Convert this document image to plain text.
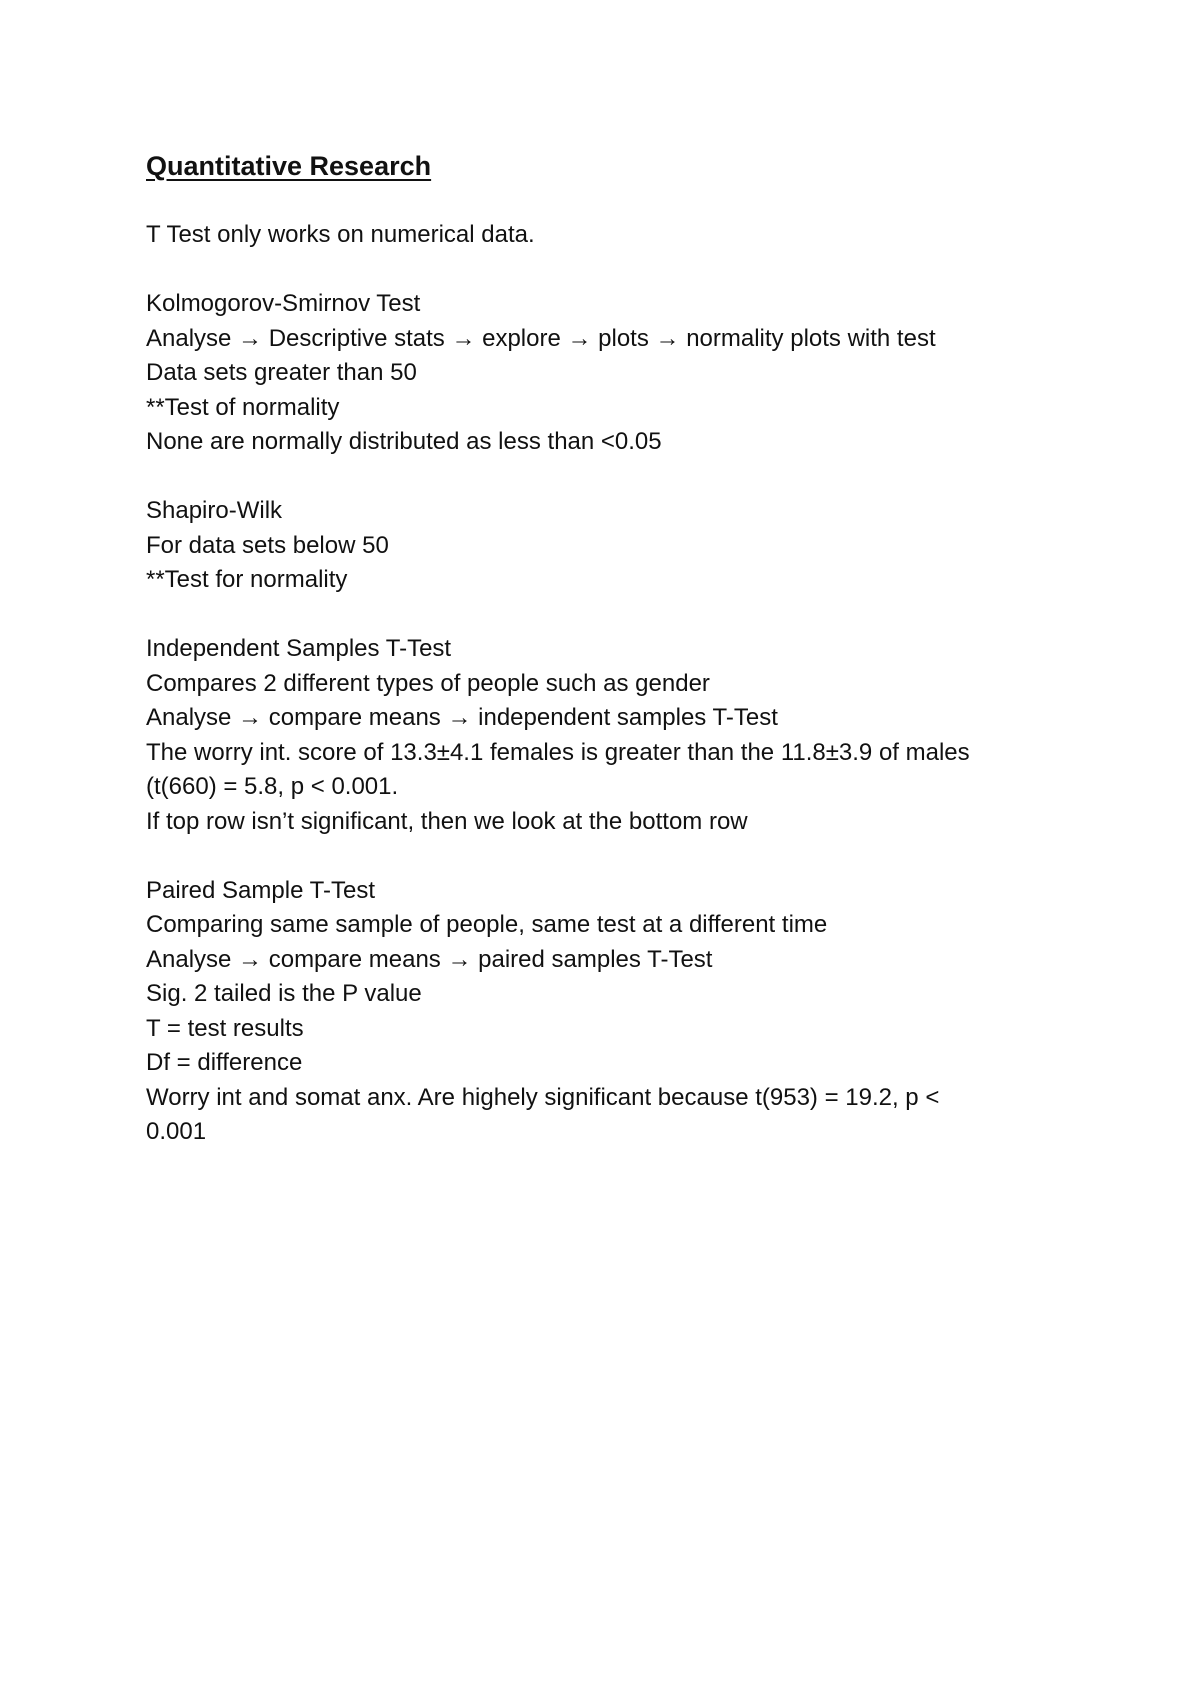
Quantitative Research
T Test only works on numerical data.
Kolmogorov-Smirnov Test
Analyse → Descriptive stats → explore → plots → normality plots with test
Data sets greater than 50
**Test of normality
None are normally distributed as less than <0.05
Shapiro-Wilk
For data sets below 50
**Test for normality
Independent Samples T-Test
Compares 2 different types of people such as gender
Analyse → compare means → independent samples T-Test
The worry int. score of 13.3±4.1 females is greater than the 11.8±3.9 of males
(t(660) = 5.8, p < 0.001.
If top row isn’t significant, then we look at the bottom row
Paired Sample T-Test
Comparing same sample of people, same test at a different time
Analyse → compare means → paired samples T-Test
Sig. 2 tailed is the P value
T = test results
Df = difference
Worry int and somat anx. Are highely significant because t(953) = 19.2, p <
0.001
